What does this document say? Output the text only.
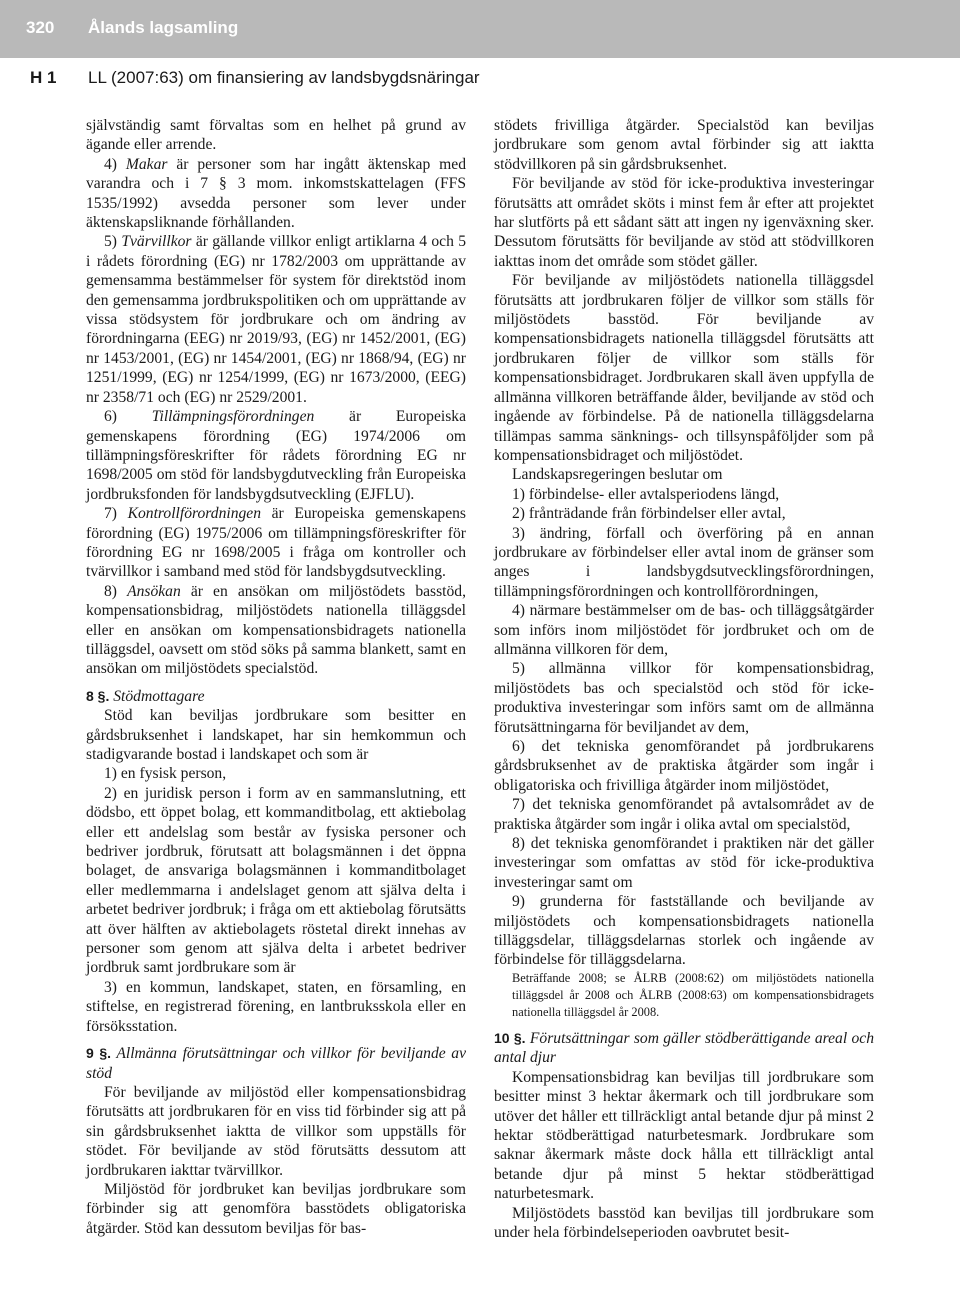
320 Ålands lagsamling
H 1 LL (2007:63) om finansiering av landsbygdsnäringar

självständig samt förvaltas som en helhet på grund av ägande eller arrende.

4) Makar är personer som har ingått äktenskap med varandra och i 7 § 3 mom. inkomstskattelagen (FFS 1535/1992) avsedda personer som lever under äktenskapsliknande förhållanden.

5) Tvärvillkor är gällande villkor enligt artiklarna 4 och 5 i rådets förordning (EG) nr 1782/2003 om upprättande av gemensamma bestämmelser för system för direktstöd inom den gemensamma jordbrukspolitiken och om upprättande av vissa stödsystem för jordbrukare och om ändring av förordningarna (EEG) nr 2019/93, (EG) nr 1452/2001, (EG) nr 1453/2001, (EG) nr 1454/2001, (EG) nr 1868/94, (EG) nr 1251/1999, (EG) nr 1254/1999, (EG) nr 1673/2000, (EEG) nr 2358/71 och (EG) nr 2529/2001.

6) Tillämpningsförordningen är Europeiska gemenskapens förordning (EG) 1974/2006 om tillämpningsföreskrifter för rådets förordning EG nr 1698/2005 om stöd för landsbygdutveckling från Europeiska jordbruksfonden för landsbygdsutveckling (EJFLU).

7) Kontrollförordningen är Europeiska gemenskapens förordning (EG) 1975/2006 om tillämpningsföreskrifter för förordning EG nr 1698/2005 i fråga om kontroller och tvärvillkor i samband med stöd för landsbygdsutveckling.

8) Ansökan är en ansökan om miljöstödets basstöd, kompensationsbidrag, miljöstödets nationella tilläggsdel eller en ansökan om kompensationsbidragets nationella tilläggsdel, oavsett om stöd söks på samma blankett, samt en ansökan om miljöstödets specialstöd.

8 §. Stödmottagare

Stöd kan beviljas jordbrukare som besitter en gårdsbruksenhet i landskapet, har sin hemkommun och stadigvarande bostad i landskapet och som är

1) en fysisk person,

2) en juridisk person i form av en sammanslutning, ett dödsbo, ett öppet bolag, ett kommanditbolag, ett aktiebolag eller ett andelslag som består av fysiska personer och bedriver jordbruk, förutsatt att bolagsmännen i det öppna bolaget, de ansvariga bolagsmännen i kommanditbolaget eller medlemmarna i andelslaget genom att själva delta i arbetet bedriver jordbruk; i fråga om ett aktiebolag förutsätts att över hälften av aktiebolagets röstetal direkt innehas av personer som genom att själva delta i arbetet bedriver jordbruk samt jordbrukare som är

3) en kommun, landskapet, staten, en församling, en stiftelse, en registrerad förening, en lantbruksskola eller en försöksstation.

9 §. Allmänna förutsättningar och villkor för beviljande av stöd

För beviljande av miljöstöd eller kompensationsbidrag förutsätts att jordbrukaren för en viss tid förbinder sig att på sin gårdsbruksenhet iaktta de villkor som uppställs för stödet. För beviljande av stöd förutsätts dessutom att jordbrukaren iakttar tvärvillkor.

Miljöstöd för jordbruket kan beviljas jordbrukare som förbinder sig att genomföra basstödets obligatoriska åtgärder. Stöd kan dessutom beviljas för bas-

stödets frivilliga åtgärder. Specialstöd kan beviljas jordbrukare som genom avtal förbinder sig att iaktta stödvillkoren på sin gårdsbruksenhet.

För beviljande av stöd för icke-produktiva investeringar förutsätts att området sköts i minst fem år efter att projektet har slutförts på ett sådant sätt att ingen ny igenväxning sker. Dessutom förutsätts för beviljande av stöd att stödvillkoren iakttas inom det område som stödet gäller.

För beviljande av miljöstödets nationella tilläggsdel förutsätts att jordbrukaren följer de villkor som ställs för miljöstödets basstöd. För beviljande av kompensationsbidragets nationella tilläggsdel förutsätts att jordbrukaren följer de villkor som ställs för kompensationsbidraget. Jordbrukaren skall även uppfylla de allmänna villkoren beträffande ålder, beviljande av stöd och ingående av förbindelse. På de nationella tilläggsdelarna tillämpas samma sänknings- och tillsynspåföljder som på kompensationsbidraget och miljöstödet.

Landskapsregeringen beslutar om

1) förbindelse- eller avtalsperiodens längd,

2) frånträdande från förbindelser eller avtal,

3) ändring, förfall och överföring på en annan jordbrukare av förbindelser eller avtal inom de gränser som anges i landsbygdsutvecklingsförordningen, tillämpningsförordningen och kontrollförordningen,

4) närmare bestämmelser om de bas- och tilläggsåtgärder som införs inom miljöstödet för jordbruket och om de allmänna villkoren för dem,

5) allmänna villkor för kompensationsbidrag, miljöstödets bas och specialstöd och stöd för icke-produktiva investeringar som införs samt om de allmänna förutsättningarna för beviljandet av dem,

6) det tekniska genomförandet på jordbrukarens gårdsbruksenhet av de praktiska åtgärder som ingår i obligatoriska och frivilliga åtgärder inom miljöstödet,

7) det tekniska genomförandet på avtalsområdet av de praktiska åtgärder som ingår i olika avtal om specialstöd,

8) det tekniska genomförandet i praktiken när det gäller investeringar som omfattas av stöd för icke-produktiva investeringar samt om

9) grunderna för fastställande och beviljande av miljöstödets och kompensationsbidragets nationella tilläggsdelar, tilläggsdelarnas storlek och ingående av förbindelse för tilläggsdelarna.

Beträffande 2008; se ÅLRB (2008:62) om miljöstödets nationella tilläggsdel år 2008 och ÅLRB (2008:63) om kompensationsbidragets nationella tilläggsdel år 2008.

10 §. Förutsättningar som gäller stödberättigande areal och antal djur

Kompensationsbidrag kan beviljas till jordbrukare som besitter minst 3 hektar åkermark och till jordbrukare som utöver det håller ett tillräckligt antal betande djur på minst 2 hektar stödberättigad naturbetesmark. Jordbrukare som saknar åkermark måste dock hålla ett tillräckligt antal betande djur på minst 5 hektar stödberättigad naturbetesmark.

Miljöstödets basstöd kan beviljas till jordbrukare som under hela förbindelseperioden oavbrutet besit-
